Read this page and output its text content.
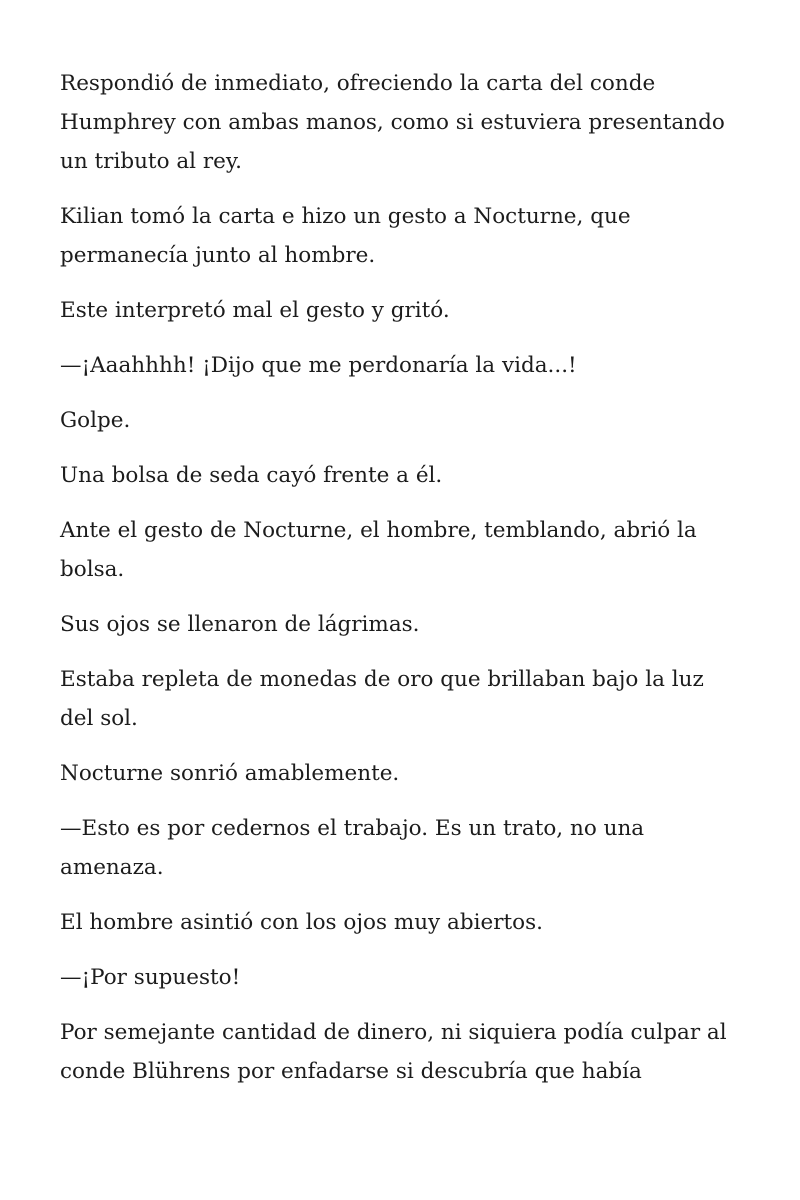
Respondió de inmediato, ofreciendo la carta del conde Humphrey con ambas manos, como si estuviera presentando un tributo al rey.

Kilian tomó la carta e hizo un gesto a Nocturne, que permanecía junto al hombre.

Este interpretó mal el gesto y gritó.

—¡Aaahhhh! ¡Dijo que me perdonaría la vida...!

Golpe.

Una bolsa de seda cayó frente a él.

Ante el gesto de Nocturne, el hombre, temblando, abrió la bolsa.

Sus ojos se llenaron de lágrimas.

Estaba repleta de monedas de oro que brillaban bajo la luz del sol.

Nocturne sonrió amablemente.

—Esto es por cedernos el trabajo. Es un trato, no una amenaza.

El hombre asintió con los ojos muy abiertos.

—¡Por supuesto!

Por semejante cantidad de dinero, ni siquiera podía culpar al conde Blührens por enfadarse si descubría que había
